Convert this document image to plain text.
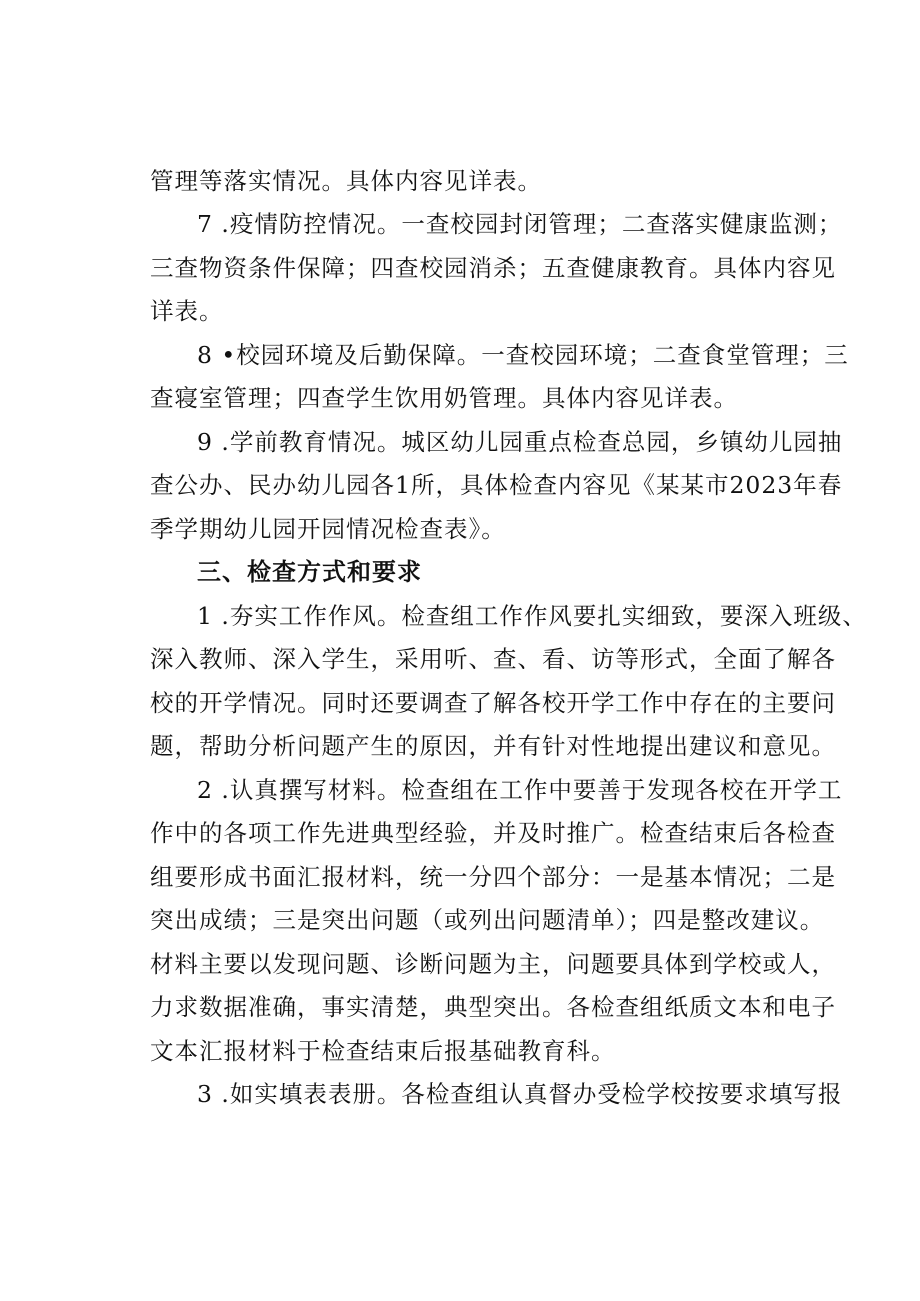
管理等落实情况。具体内容见详表。
7 .疫情防控情况。一查校园封闭管理；二查落实健康监测；
三查物资条件保障；四查校园消杀；五查健康教育。具体内容见
详表。
8 •校园环境及后勤保障。一查校园环境；二查食堂管理；三
查寝室管理；四查学生饮用奶管理。具体内容见详表。
9 .学前教育情况。城区幼儿园重点检查总园，乡镇幼儿园抽
查公办、民办幼儿园各1所，具体检查内容见《某某市2023年春
季学期幼儿园开园情况检查表》。
三、检查方式和要求
1 .夯实工作作风。检查组工作作风要扎实细致，要深入班级、
深入教师、深入学生，采用听、查、看、访等形式，全面了解各
校的开学情况。同时还要调查了解各校开学工作中存在的主要问
题，帮助分析问题产生的原因，并有针对性地提出建议和意见。
2 .认真撰写材料。检查组在工作中要善于发现各校在开学工
作中的各项工作先进典型经验，并及时推广。检查结束后各检查
组要形成书面汇报材料，统一分四个部分：一是基本情况；二是
突出成绩；三是突出问题（或列出问题清单）；四是整改建议。
材料主要以发现问题、诊断问题为主，问题要具体到学校或人，
力求数据准确，事实清楚，典型突出。各检查组纸质文本和电子
文本汇报材料于检查结束后报基础教育科。
3 .如实填表表册。各检查组认真督办受检学校按要求填写报
